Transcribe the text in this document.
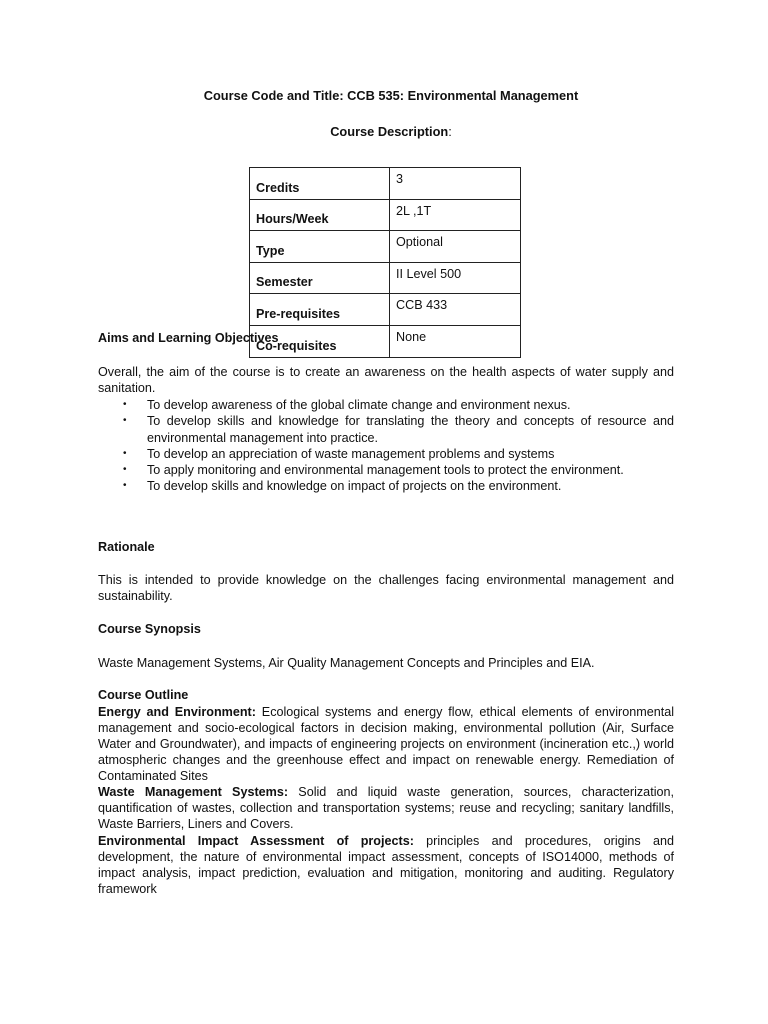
Course Code and Title: CCB 535: Environmental Management
Course Description:
Credits	3
Hours/Week	2L ,1T
Type	Optional
Semester	II Level 500
Pre-requisites	CCB 433
Co-requisites	None
Aims and Learning Objectives
Overall, the aim of the course is to create an awareness on the health aspects of water supply and sanitation.
• To develop awareness of the global climate change and environment nexus.
• To develop skills and knowledge for translating the theory and concepts of resource and environmental management into practice.
• To develop an appreciation of waste management problems and systems
• To apply monitoring and environmental management tools to protect the environment.
• To develop skills and knowledge on impact of projects on the environment.
Rationale
This is intended to provide knowledge on the challenges facing environmental management and sustainability.
Course Synopsis
Waste Management Systems, Air Quality Management Concepts and Principles and EIA.
Course Outline
Energy and Environment: Ecological systems and energy flow, ethical elements of environmental management and socio-ecological factors in decision making, environmental pollution (Air, Surface Water and Groundwater), and impacts of engineering projects on environment (incineration etc.,) world atmospheric changes and the greenhouse effect and impact on renewable energy. Remediation of Contaminated Sites
Waste Management Systems: Solid and liquid waste generation, sources, characterization, quantification of wastes, collection and transportation systems; reuse and recycling; sanitary landfills, Waste Barriers, Liners and Covers.
Environmental Impact Assessment of projects: principles and procedures, origins and development, the nature of environmental impact assessment, concepts of ISO14000, methods of impact analysis, impact prediction, evaluation and mitigation, monitoring and auditing. Regulatory framework
